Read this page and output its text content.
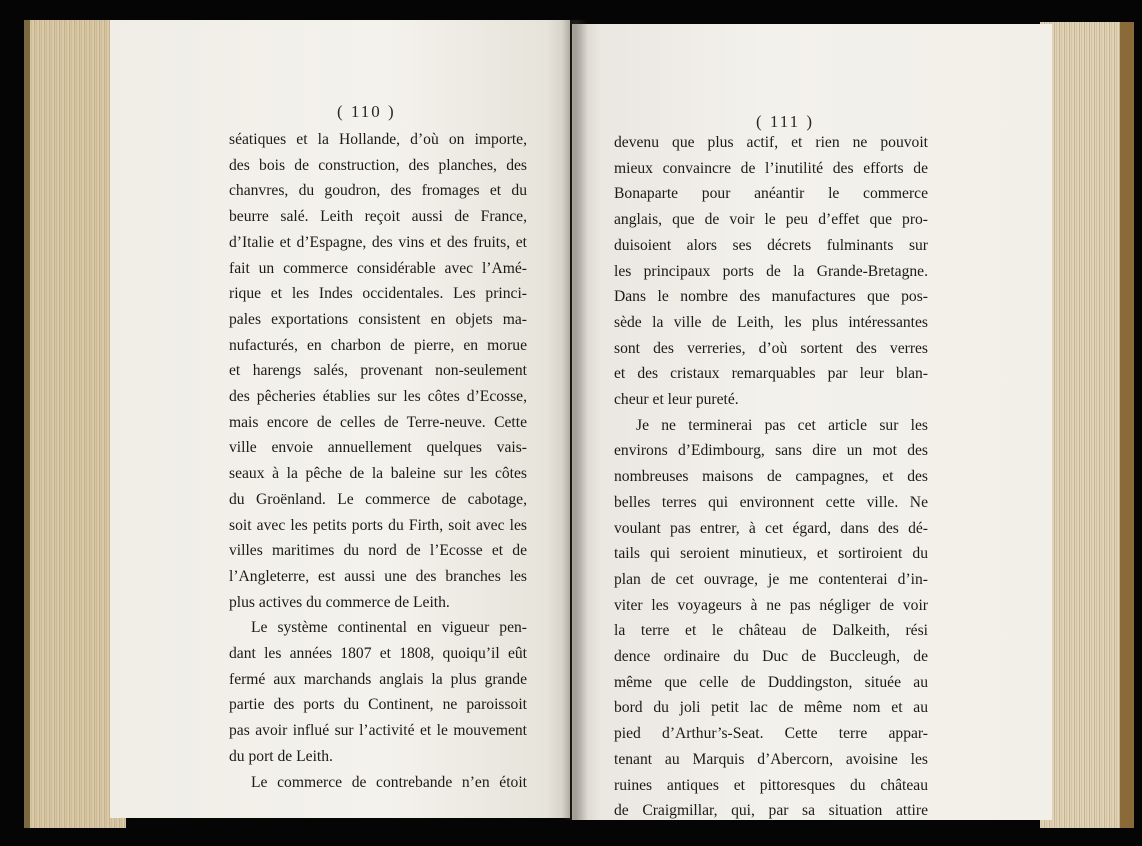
( 110 )
séatiques et la Hollande, d’où on importe,
des bois de construction, des planches, des
chanvres, du goudron, des fromages et du
beurre salé. Leith reçoit aussi de France,
d’Italie et d’Espagne, des vins et des fruits, et
fait un commerce considérable avec l’Amé-
rique et les Indes occidentales. Les princi-
pales exportations consistent en objets ma-
nufacturés, en charbon de pierre, en morue
et harengs salés, provenant non-seulement
des pêcheries établies sur les côtes d’Ecosse,
mais encore de celles de Terre-neuve. Cette
ville envoie annuellement quelques vais-
seaux à la pêche de la baleine sur les côtes
du Groënland. Le commerce de cabotage,
soit avec les petits ports du Firth, soit avec les
villes maritimes du nord de l’Ecosse et de
l’Angleterre, est aussi une des branches les
plus actives du commerce de Leith.
Le système continental en vigueur pen-
dant les années 1807 et 1808, quoiqu’il eût
fermé aux marchands anglais la plus grande
partie des ports du Continent, ne paroissoit
pas avoir influé sur l’activité et le mouvement
du port de Leith.
Le commerce de contrebande n’en étoit
( 111 )
devenu que plus actif, et rien ne pouvoit
mieux convaincre de l’inutilité des efforts de
Bonaparte pour anéantir le commerce
anglais, que de voir le peu d’effet que pro-
duisoient alors ses décrets fulminants sur
les principaux ports de la Grande-Bretagne.
Dans le nombre des manufactures que pos-
sède la ville de Leith, les plus intéressantes
sont des verreries, d’où sortent des verres
et des cristaux remarquables par leur blan-
cheur et leur pureté.
Je ne terminerai pas cet article sur les
environs d’Edimbourg, sans dire un mot des
nombreuses maisons de campagnes, et des
belles terres qui environnent cette ville. Ne
voulant pas entrer, à cet égard, dans des dé-
tails qui seroient minutieux, et sortiroient du
plan de cet ouvrage, je me contenterai d’in-
viter les voyageurs à ne pas négliger de voir
la terre et le château de Dalkeith, rési
dence ordinaire du Duc de Buccleugh, de
même que celle de Duddingston, située au
bord du joli petit lac de même nom et au
pied d’Arthur’s-Seat. Cette terre appar-
tenant au Marquis d’Abercorn, avoisine les
ruines antiques et pittoresques du château
de Craigmillar, qui, par sa situation attire
